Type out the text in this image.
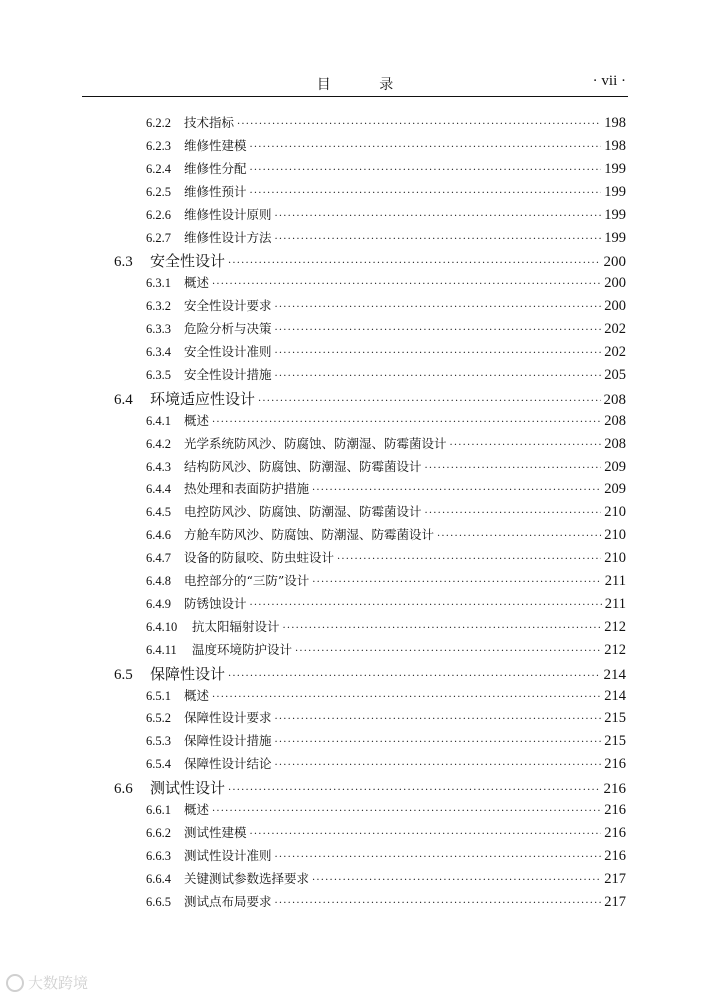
目 录	· vii ·
6.2.2	技术指标 ·····	198
6.2.3	维修性建模 ·····	198
6.2.4	维修性分配 ·····	199
6.2.5	维修性预计 ·····	199
6.2.6	维修性设计原则 ·····	199
6.2.7	维修性设计方法 ·····	199
6.3	安全性设计 ·····	200
6.3.1	概述 ·····	200
6.3.2	安全性设计要求 ·····	200
6.3.3	危险分析与决策 ·····	202
6.3.4	安全性设计准则 ·····	202
6.3.5	安全性设计措施 ·····	205
6.4	环境适应性设计 ·····	208
6.4.1	概述 ·····	208
6.4.2	光学系统防风沙、防腐蚀、防潮湿、防霉菌设计 ·····	208
6.4.3	结构防风沙、防腐蚀、防潮湿、防霉菌设计 ·····	209
6.4.4	热处理和表面防护措施 ·····	209
6.4.5	电控防风沙、防腐蚀、防潮湿、防霉菌设计 ·····	210
6.4.6	方舱车防风沙、防腐蚀、防潮湿、防霉菌设计 ·····	210
6.4.7	设备的防鼠咬、防虫蛀设计 ·····	210
6.4.8	电控部分的“三防”设计 ·····	211
6.4.9	防锈蚀设计 ·····	211
6.4.10	抗太阳辐射设计 ·····	212
6.4.11	温度环境防护设计 ·····	212
6.5	保障性设计 ·····	214
6.5.1	概述 ·····	214
6.5.2	保障性设计要求 ·····	215
6.5.3	保障性设计措施 ·····	215
6.5.4	保障性设计结论 ·····	216
6.6	测试性设计 ·····	216
6.6.1	概述 ·····	216
6.6.2	测试性建模 ·····	216
6.6.3	测试性设计准则 ·····	216
6.6.4	关键测试参数选择要求 ·····	217
6.6.5	测试点布局要求 ·····	217
大数跨境
